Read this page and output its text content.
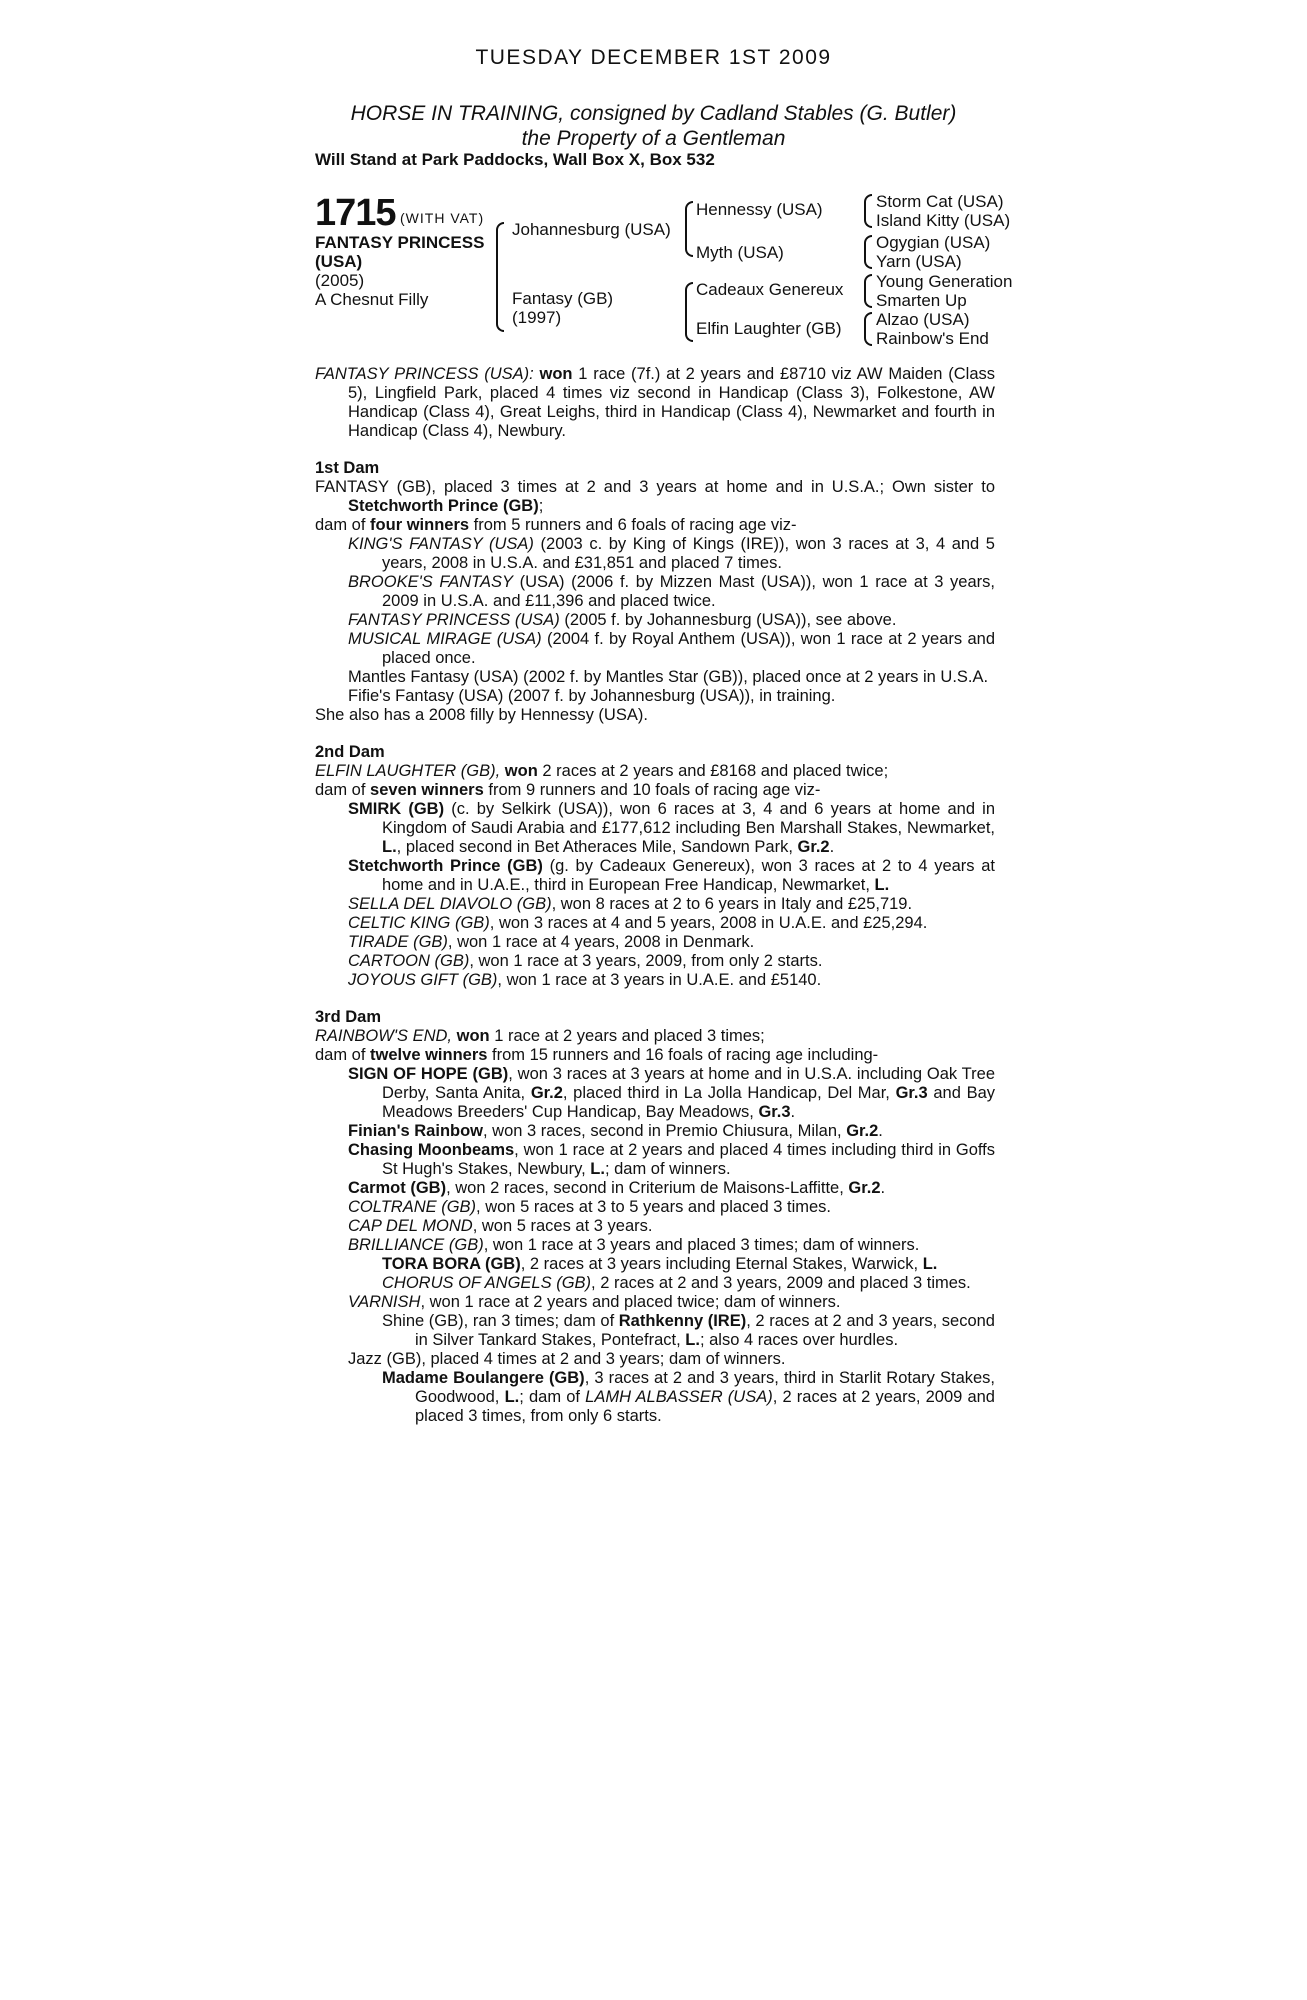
TUESDAY DECEMBER 1ST 2009
HORSE IN TRAINING, consigned by Cadland Stables (G. Butler)
the Property of a Gentleman
Will Stand at Park Paddocks, Wall Box X, Box 532
1715 (WITH VAT)
FANTASY PRINCESS (USA)
(2005)
A Chesnut Filly
Johannesburg (USA)
Fantasy (GB)
(1997)
Hennessy (USA)
Myth (USA)
Cadeaux Genereux
Elfin Laughter (GB)
Storm Cat (USA)
Island Kitty (USA)
Ogygian (USA)
Yarn (USA)
Young Generation
Smarten Up
Alzao (USA)
Rainbow's End

FANTASY PRINCESS (USA): won 1 race (7f.) at 2 years and £8710 viz AW Maiden (Class 5), Lingfield Park, placed 4 times viz second in Handicap (Class 3), Folkestone, AW Handicap (Class 4), Great Leighs, third in Handicap (Class 4), Newmarket and fourth in Handicap (Class 4), Newbury.

1st Dam

FANTASY (GB), placed 3 times at 2 and 3 years at home and in U.S.A.; Own sister to Stetchworth Prince (GB);

dam of four winners from 5 runners and 6 foals of racing age viz-

KING'S FANTASY (USA) (2003 c. by King of Kings (IRE)), won 3 races at 3, 4 and 5 years, 2008 in U.S.A. and £31,851 and placed 7 times.

BROOKE'S FANTASY (USA) (2006 f. by Mizzen Mast (USA)), won 1 race at 3 years, 2009 in U.S.A. and £11,396 and placed twice.

FANTASY PRINCESS (USA) (2005 f. by Johannesburg (USA)), see above.

MUSICAL MIRAGE (USA) (2004 f. by Royal Anthem (USA)), won 1 race at 2 years and placed once.

Mantles Fantasy (USA) (2002 f. by Mantles Star (GB)), placed once at 2 years in U.S.A.

Fifie's Fantasy (USA) (2007 f. by Johannesburg (USA)), in training.

She also has a 2008 filly by Hennessy (USA).

2nd Dam

ELFIN LAUGHTER (GB), won 2 races at 2 years and £8168 and placed twice;

dam of seven winners from 9 runners and 10 foals of racing age viz-

SMIRK (GB) (c. by Selkirk (USA)), won 6 races at 3, 4 and 6 years at home and in Kingdom of Saudi Arabia and £177,612 including Ben Marshall Stakes, Newmarket, L., placed second in Bet Atheraces Mile, Sandown Park, Gr.2.

Stetchworth Prince (GB) (g. by Cadeaux Genereux), won 3 races at 2 to 4 years at home and in U.A.E., third in European Free Handicap, Newmarket, L.

SELLA DEL DIAVOLO (GB), won 8 races at 2 to 6 years in Italy and £25,719.

CELTIC KING (GB), won 3 races at 4 and 5 years, 2008 in U.A.E. and £25,294.

TIRADE (GB), won 1 race at 4 years, 2008 in Denmark.

CARTOON (GB), won 1 race at 3 years, 2009, from only 2 starts.

JOYOUS GIFT (GB), won 1 race at 3 years in U.A.E. and £5140.

3rd Dam

RAINBOW'S END, won 1 race at 2 years and placed 3 times;

dam of twelve winners from 15 runners and 16 foals of racing age including-

SIGN OF HOPE (GB), won 3 races at 3 years at home and in U.S.A. including Oak Tree Derby, Santa Anita, Gr.2, placed third in La Jolla Handicap, Del Mar, Gr.3 and Bay Meadows Breeders' Cup Handicap, Bay Meadows, Gr.3.

Finian's Rainbow, won 3 races, second in Premio Chiusura, Milan, Gr.2.

Chasing Moonbeams, won 1 race at 2 years and placed 4 times including third in Goffs St Hugh's Stakes, Newbury, L.; dam of winners.

Carmot (GB), won 2 races, second in Criterium de Maisons-Laffitte, Gr.2.

COLTRANE (GB), won 5 races at 3 to 5 years and placed 3 times.

CAP DEL MOND, won 5 races at 3 years.

BRILLIANCE (GB), won 1 race at 3 years and placed 3 times; dam of winners.

TORA BORA (GB), 2 races at 3 years including Eternal Stakes, Warwick, L.

CHORUS OF ANGELS (GB), 2 races at 2 and 3 years, 2009 and placed 3 times.

VARNISH, won 1 race at 2 years and placed twice; dam of winners.

Shine (GB), ran 3 times; dam of Rathkenny (IRE), 2 races at 2 and 3 years, second in Silver Tankard Stakes, Pontefract, L.; also 4 races over hurdles.

Jazz (GB), placed 4 times at 2 and 3 years; dam of winners.

Madame Boulangere (GB), 3 races at 2 and 3 years, third in Starlit Rotary Stakes, Goodwood, L.; dam of LAMH ALBASSER (USA), 2 races at 2 years, 2009 and placed 3 times, from only 6 starts.
